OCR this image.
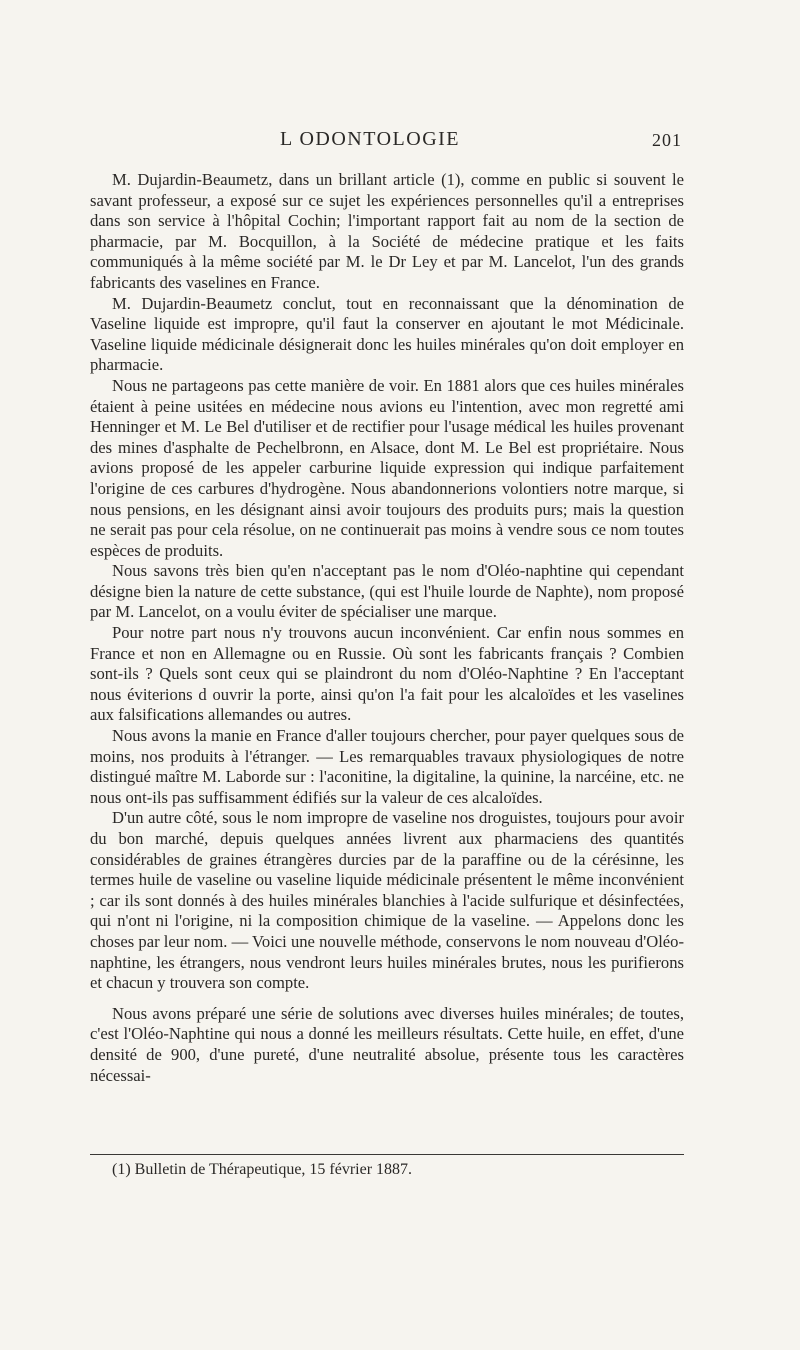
L ODONTOLOGIE	201

M. Dujardin-Beaumetz, dans un brillant article (1), comme en public si souvent le savant professeur, a exposé sur ce sujet les expériences personnelles qu'il a entreprises dans son service à l'hôpital Cochin; l'important rapport fait au nom de la section de pharmacie, par M. Bocquillon, à la Société de médecine pratique et les faits communiqués à la même société par M. le Dr Ley et par M. Lancelot, l'un des grands fabricants des vaselines en France.

M. Dujardin-Beaumetz conclut, tout en reconnaissant que la dénomination de Vaseline liquide est impropre, qu'il faut la conserver en ajoutant le mot Médicinale. Vaseline liquide médicinale désignerait donc les huiles minérales qu'on doit employer en pharmacie.

Nous ne partageons pas cette manière de voir. En 1881 alors que ces huiles minérales étaient à peine usitées en médecine nous avions eu l'intention, avec mon regretté ami Henninger et M. Le Bel d'utiliser et de rectifier pour l'usage médical les huiles provenant des mines d'asphalte de Pechelbronn, en Alsace, dont M. Le Bel est propriétaire. Nous avions proposé de les appeler carburine liquide expression qui indique parfaitement l'origine de ces carbures d'hydrogène. Nous abandonnerions volontiers notre marque, si nous pensions, en les désignant ainsi avoir toujours des produits purs; mais la question ne serait pas pour cela résolue, on ne continuerait pas moins à vendre sous ce nom toutes espèces de produits.

Nous savons très bien qu'en n'acceptant pas le nom d'Oléo-naphtine qui cependant désigne bien la nature de cette substance, (qui est l'huile lourde de Naphte), nom proposé par M. Lancelot, on a voulu éviter de spécialiser une marque.

Pour notre part nous n'y trouvons aucun inconvénient. Car enfin nous sommes en France et non en Allemagne ou en Russie. Où sont les fabricants français ? Combien sont-ils ? Quels sont ceux qui se plaindront du nom d'Oléo-Naphtine ? En l'acceptant nous éviterions d ouvrir la porte, ainsi qu'on l'a fait pour les alcaloïdes et les vaselines aux falsifications allemandes ou autres.

Nous avons la manie en France d'aller toujours chercher, pour payer quelques sous de moins, nos produits à l'étranger. — Les remarquables travaux physiologiques de notre distingué maître M. Laborde sur : l'aconitine, la digitaline, la quinine, la narcéine, etc. ne nous ont-ils pas suffisamment édifiés sur la valeur de ces alcaloïdes.

D'un autre côté, sous le nom impropre de vaseline nos droguistes, toujours pour avoir du bon marché, depuis quelques années livrent aux pharmaciens des quantités considérables de graines étrangères durcies par de la paraffine ou de la cérésinne, les termes huile de vaseline ou vaseline liquide médicinale présentent le même inconvénient ; car ils sont donnés à des huiles minérales blanchies à l'acide sulfurique et désinfectées, qui n'ont ni l'origine, ni la composition chimique de la vaseline. — Appelons donc les choses par leur nom. — Voici une nouvelle méthode, conservons le nom nouveau d'Oléo-naphtine, les étrangers, nous vendront leurs huiles minérales brutes, nous les purifierons et chacun y trouvera son compte.

Nous avons préparé une série de solutions avec diverses huiles minérales; de toutes, c'est l'Oléo-Naphtine qui nous a donné les meilleurs résultats. Cette huile, en effet, d'une densité de 900, d'une pureté, d'une neutralité absolue, présente tous les caractères nécessai-

(1) Bulletin de Thérapeutique, 15 février 1887.
